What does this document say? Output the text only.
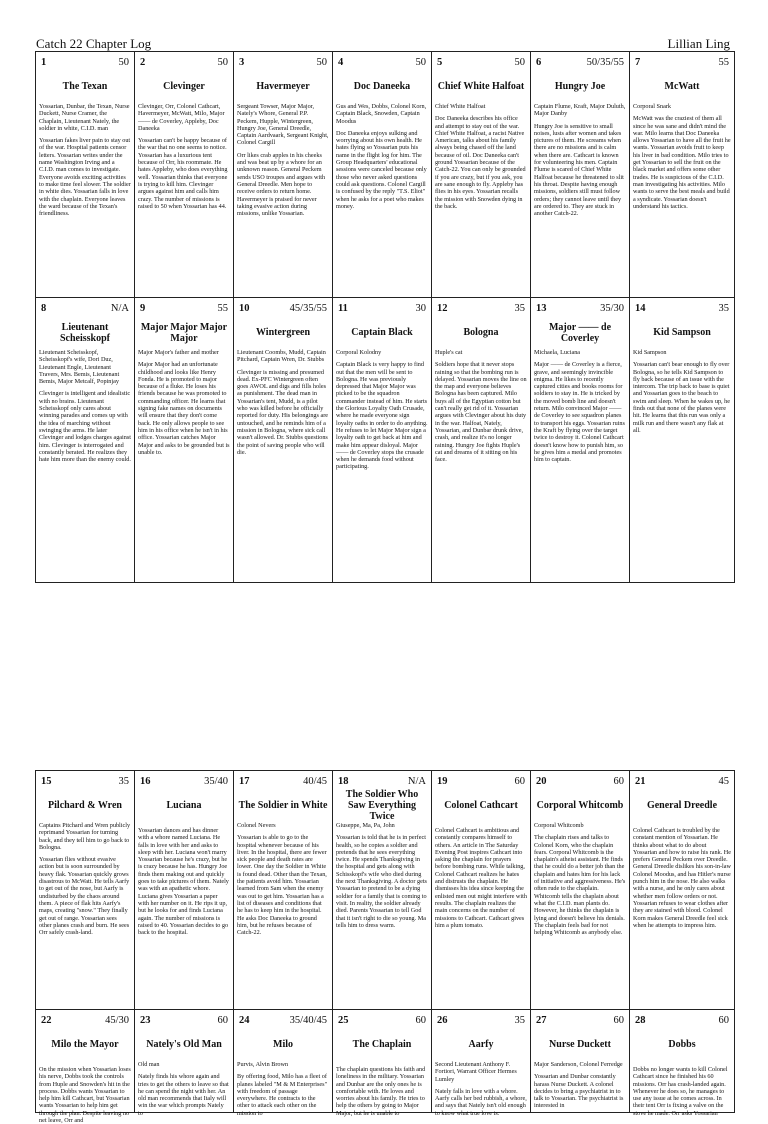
Catch 22 Chapter Log	Lillian Ling
1	50
The Texan

Yossarian, Dunbar, the Texan, Nurse Duckett, Nurse Cramer, the Chaplain, Lieutenant Nately, the soldier in white, C.I.D. man

Yossarian fakes liver pain to stay out of the war. Hospital patients censor letters. Yossarian writes under the name Washington Irving and a C.I.D. man comes to investigate. Everyone avoids exciting activities to make time feel slower. The soldier in white dies. Yossarian falls in love with the chaplain. Everyone leaves the ward because of the Texan's friendliness.

2	50
Clevinger

Clevinger, Orr, Colonel Cathcart, Havermeyer, McWatt, Milo, Major —— de Coverley, Appleby, Doc Daneeka

Yossarian can't be happy because of the war that no one seems to notice. Yossarian has a luxurious tent because of Orr, his roommate. He hates Appleby, who does everything well. Yossarian thinks that everyone is trying to kill him. Clevinger argues against him and calls him crazy. The number of missions is raised to 50 when Yossarian has 44.

3	50
Havermeyer

Sergeant Towser, Major Major, Nately's Whore, General P.P. Peckem, Hupple, Wintergreen, Hungry Joe, General Dreedle, Captain Aardvaark, Sergeant Knight, Colonel Cargill

Orr likes crab apples in his cheeks and was beat up by a whore for an unknown reason. General Peckem sends USO troupes and argues with General Dreedle. Men hope to receive orders to return home. Havermeyer is praised for never taking evasive action during missions, unlike Yossarian.

4	50
Doc Daneeka

Gus and Wes, Dobbs, Colonel Korn, Captain Black, Snowden, Captain Moodus

Doc Daneeka enjoys sulking and worrying about his own health. He hates flying so Yossarian puts his name in the flight log for him. The Group Headquarters' educational sessions were canceled because only those who never asked questions could ask questions. Colonel Cargill is confused by the reply "T.S. Eliot" when he asks for a poet who makes money.

5	50
Chief White Halfoat

Chief White Halfoat

Doc Daneeka describes his office and attempt to stay out of the war. Chief White Halfoat, a racist Native American, talks about his family always being chased off the land because of oil. Doc Daneeka can't ground Yossarian because of the Catch-22. You can only be grounded if you are crazy, but if you ask, you are sane enough to fly. Appleby has flies in his eyes. Yossarian recalls the mission with Snowden dying in the back.

6	50/35/55
Hungry Joe

Captain Flume, Kraft, Major Duluth, Major Danby

Hungry Joe is sensitive to small noises, lusts after women and takes pictures of them. He screams when there are no missions and is calm when there are. Cathcart is known for volunteering his men. Captain Flume is scared of Chief White Halfoat because he threatened to slit his throat. Despite having enough missions, soldiers still must follow orders; they cannot leave until they are ordered to. They are stuck in another Catch-22.

7	55
McWatt

Corporal Snark

McWatt was the craziest of them all since he was sane and didn't mind the war. Milo learns that Doc Daneeka allows Yossarian to have all the fruit he wants. Yossarian avoids fruit to keep his liver in bad condition. Milo tries to get Yossarian to sell the fruit on the black market and offers some other trades. He is suspicious of the C.I.D. man investigating his activities. Milo wants to serve the best meals and build a syndicate. Yossarian doesn't understand his tactics.

8	N/A
Lieutenant Scheisskopf

Lieutenant Scheisskopf, Scheisskopf's wife, Dori Duz, Lieutenant Engle, Lieutenant Travers, Mrs. Bemis, Lieutenant Bemis, Major Metcalf, Popinjay

Clevinger is intelligent and idealistic with no brains. Lieutenant Scheisskopf only cares about winning parades and comes up with the idea of marching without swinging the arms. He later Clevinger and lodges charges against him. Clevinger is interrogated and constantly berated. He realizes they hate him more than the enemy could.

9	55
Major Major Major Major

Major Major's father and mother

Major Major had an unfortunate childhood and looks like Henry Fonda. He is promoted to major because of a fluke. He loses his friends because he was promoted to commanding officer. He learns that signing fake names on documents will ensure that they don't come back. He only allows people to see him in his office when he isn't in his office. Yossarian catches Major Major and asks to be grounded but is unable to.

10	45/35/55
Wintergreen

Lieutenant Coombs, Mudd, Captain Pitchard, Captain Wren, Dr. Stubbs

Clevinger is missing and presumed dead. Ex-PFC Wintergreen often goes AWOL and digs and fills holes as punishment. The dead man in Yossarian's tent, Mudd, is a pilot who was killed before he officially reported for duty. His belongings are untouched, and he reminds him of a mission in Bologna, where sick call wasn't allowed. Dr. Stubbs questions the point of saving people who will die.

11	30
Captain Black

Corporal Kolodny

Captain Black is very happy to find out that the men will be sent to Bologna. He was previously depressed that Major Major was picked to be the squadron commander instead of him. He starts the Glorious Loyalty Oath Crusade, where he made everyone sign loyalty oaths in order to do anything. He refuses to let Major Major sign a loyalty oath to get back at him and make him appear disloyal. Major —— de Coverley stops the crusade when he demands food without participating.

12	35
Bologna

Huple's cat

Soldiers hope that it never stops raining so that the bombing run is delayed. Yossarian moves the line on the map and everyone believes Bologna has been captured. Milo buys all of the Egyptian cotton but can't really get rid of it. Yossarian argues with Clevinger about his duty in the war. Halfoat, Nately, Yossarian, and Dunbar drunk drive, crash, and realize it's no longer raining. Hungry Joe fights Huple's cat and dreams of it sitting on his face.

13	35/30
Major —— de Coverley

Michaela, Luciana

Major —— de Coverley is a fierce, grave, and seemingly invincible enigma. He likes to recently captured cities and books rooms for soldiers to stay in. He is tricked by the moved bomb line and doesn't return. Milo convinced Major —— de Coverley to see squadron planes to transport his eggs. Yossarian ruins the Kraft by flying over the target twice to destroy it. Colonel Cathcart doesn't know how to punish him, so he gives him a medal and promotes him to captain.

14	35
Kid Sampson

Kid Sampson

Yossarian can't bear enough to fly over Bologna, so he tells Kid Sampson to fly back because of an issue with the intercom. The trip back to base is quiet and Yossarian goes to the beach to swim and sleep. When he wakes up, he finds out that none of the planes were hit. He learns that this run was only a milk run and there wasn't any flak at all.

15	35
Pilchard & Wren

Captains Pitchard and Wren publicly reprimand Yossarian for turning back, and they tell him to go back to Bologna.

Yossarian flies without evasive action but is soon surrounded by heavy flak. Yossarian quickly grows disastrous to McWatt. He tells Aarfy to get out of the nose, but Aarfy is undisturbed by the chaos around them. A piece of flak hits Aarfy's maps, creating "snow." They finally get out of range. Yossarian sees other planes crash and burn. He sees Orr safely crash-land.

16	35/40
Luciana

Yossarian dances and has dinner with a whore named Luciana. He falls in love with her and asks to sleep with her. Luciana won't marry Yossarian because he's crazy, but he is crazy because he has. Hungry Joe finds them making out and quickly goes to take pictures of them. Nately was with an apathetic whore. Luciana gives Yossarian a paper with her number on it. He rips it up, but he looks for and finds Luciana again. The number of missions is raised to 40. Yossarian decides to go back to the hospital.

17	40/45
The Soldier in White

Colonel Nevers

Yossarian is able to go to the hospital whenever because of his liver. In the hospital, there are fewer sick people and death rates are lower. One day the Soldier in White is found dead. Other than the Texan, the patients avoid him. Yossarian learned from Sam when the enemy was out to get him. Yossarian has a list of diseases and conditions that he has to keep him in the hospital. He asks Doc Daneeka to ground him, but he refuses because of Catch-22.

18	N/A
The Soldier Who Saw Everything Twice

Giuseppe, Ma, Pa, John

Yossarian is told that he is in perfect health, so he copies a soldier and pretends that he sees everything twice. He spends Thanksgiving in the hospital and gets along with Schisskopf's wife who died during the next Thanksgiving. A doctor gets Yossarian to pretend to be a dying soldier for a family that is coming to visit. In reality, the soldier already died. Parents Yossarian to tell God that it isn't right to die so young. Ma tells him to dress warm.

19	60
Colonel Cathcart

Colonel Cathcart is ambitious and constantly compares himself to others. An article in The Saturday Evening Post inspires Cathcart into asking the chaplain for prayers before bombing runs. While talking, Colonel Cathcart realizes he hates and distrusts the chaplain. He dismisses his idea since keeping the enlisted men out might interfere with results. The chaplain realizes the main concerns on the number of missions to Cathcart. Cathcart gives him a plum tomato.

20	60
Corporal Whitcomb

Corporal Whitcomb

The chaplain rises and talks to Colonel Korn, who the chaplain fears. Corporal Whitcomb is the chaplain's atheist assistant. He finds that he could do a better job than the chaplain and hates him for his lack of initiative and aggressiveness. He's often rude to the chaplain. Whitcomb tells the chaplain about what the C.I.D. man plants do. However, he thinks the chaplain is lying and doesn't believe his denials. The chaplain feels bad for not helping Whitcomb as anybody else.

21	45
General Dreedle

Colonel Cathcart is troubled by the constant mention of Yossarian. He thinks about what to do about Yossarian and how to raise his rank. He prefers General Peckem over Dreedle. General Dreedle dislikes his son-in-law Colonel Moodus, and has Hitler's nurse punch him in the nose. He also walks with a nurse, and he only cares about whether men follow orders or not. Yossarian refuses to wear clothes after they are stained with blood. Colonel Korn makes General Dreedle feel sick when he attempts to impress him.

22	45/30
Milo the Mayor

On the mission when Yossarian loses his nerve, Dobbs took the controls from Huple and Snowden's hit in the process. Dobbs wants Yossarian to help him kill Cathcart, but Yossarian wants Yossarian to help him get through the plan. Despite leaving no net leave, Orr and

23	60
Nately's Old Man

Old man

Nately finds his whore again and tries to get the others to leave so that he can spend the night with her. An old man recommends that Italy will win the war which prompts Nately to

24	35/40/45
Milo

Purvis, Alvin Brown

By offering food, Milo has a fleet of planes labeled "M & M Enterprises" with freedom of passage everywhere. He contracts to the other to attack each other on the mission to

25	60
The Chaplain

The chaplain questions his faith and loneliness in the military. Yossarian and Dunbar are the only ones he is comfortable with. He loves and worries about his family. He tries to help the others by going to Major Major, but he is unable to

26	35
Aarfy

Second Lieutenant Anthony F. Fortiori, Warrant Officer Hermes Lumley

Nately falls in love with a whore. Aarfy calls her bed rubbish, a whore, and says that Nately isn't old enough to know what true love is.

27	60
Nurse Duckett

Major Sanderson, Colonel Ferredge

Yossarian and Dunbar constantly harass Nurse Duckett. A colonel decides to bring a psychiatrist in to talk to Yossarian. The psychiatrist is interested in

28	60
Dobbs

Dobbs no longer wants to kill Colonel Cathcart since he finished his 60 missions. Orr has crash-landed again. Whenever he does so, he manages to use any issue at he comes across. In their tent Orr is fixing a valve on the stove he made. Orr asks Yossarian
